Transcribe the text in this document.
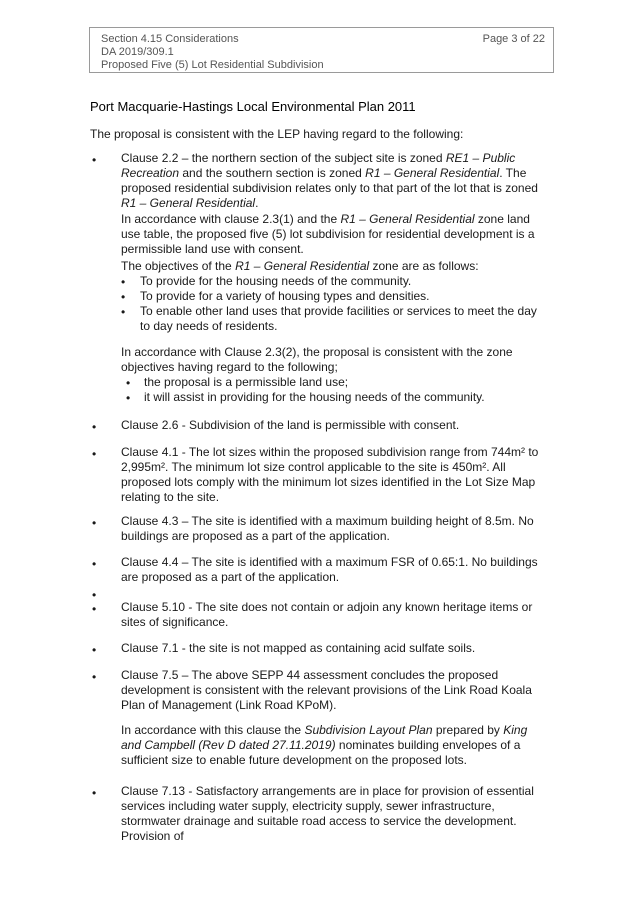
Section 4.15 Considerations
DA 2019/309.1
Proposed Five (5) Lot Residential Subdivision
Page 3 of 22
Port Macquarie-Hastings Local Environmental Plan 2011
The proposal is consistent with the LEP having regard to the following:
• Clause 2.2 – the northern section of the subject site is zoned RE1 – Public Recreation and the southern section is zoned R1 – General Residential. The proposed residential subdivision relates only to that part of the lot that is zoned R1 – General Residential.
In accordance with clause 2.3(1) and the R1 – General Residential zone land use table, the proposed five (5) lot subdivision for residential development is a permissible land use with consent.
The objectives of the R1 – General Residential zone are as follows:
• To provide for the housing needs of the community.
• To provide for a variety of housing types and densities.
• To enable other land uses that provide facilities or services to meet the day to day needs of residents.
In accordance with Clause 2.3(2), the proposal is consistent with the zone objectives having regard to the following;
• the proposal is a permissible land use;
• it will assist in providing for the housing needs of the community.
• Clause 2.6 - Subdivision of the land is permissible with consent.
• Clause 4.1 - The lot sizes within the proposed subdivision range from 744m² to 2,995m². The minimum lot size control applicable to the site is 450m². All proposed lots comply with the minimum lot sizes identified in the Lot Size Map relating to the site.
• Clause 4.3 – The site is identified with a maximum building height of 8.5m. No buildings are proposed as a part of the application.
• Clause 4.4 – The site is identified with a maximum FSR of 0.65:1. No buildings are proposed as a part of the application.
•
• Clause 5.10 - The site does not contain or adjoin any known heritage items or sites of significance.
• Clause 7.1 - the site is not mapped as containing acid sulfate soils.
• Clause 7.5 – The above SEPP 44 assessment concludes the proposed development is consistent with the relevant provisions of the Link Road Koala Plan of Management (Link Road KPoM).
In accordance with this clause the Subdivision Layout Plan prepared by King and Campbell (Rev D dated 27.11.2019) nominates building envelopes of a sufficient size to enable future development on the proposed lots.
• Clause 7.13 - Satisfactory arrangements are in place for provision of essential services including water supply, electricity supply, sewer infrastructure, stormwater drainage and suitable road access to service the development. Provision of
